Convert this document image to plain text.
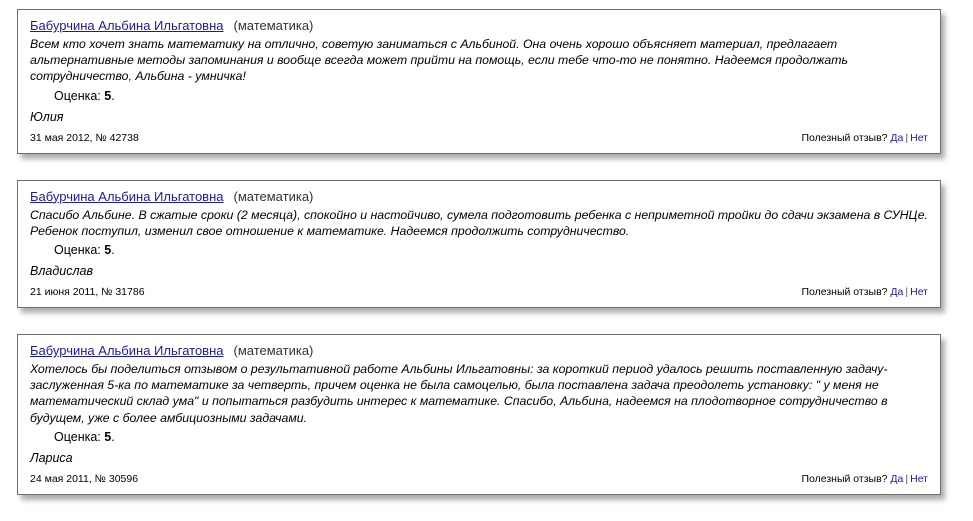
Бабурчина Альбина Ильгатовна (математика)
Всем кто хочет знать математику на отлично, советую заниматься с Альбиной. Она очень хорошо объясняет материал, предлагает альтернативные методы запоминания и вообще всегда может прийти на помощь, если тебе что-то не понятно. Надеемся продолжать сотрудничество, Альбина - умничка!
Оценка: 5.
Юлия
31 мая 2012, № 42738	Полезный отзыв? Да | Нет
Бабурчина Альбина Ильгатовна (математика)
Спасибо Альбине. В сжатые сроки (2 месяца), спокойно и настойчиво, сумела подготовить ребенка с неприметной тройки до сдачи экзамена в СУНЦе. Ребенок поступил, изменил свое отношение к математике. Надеемся продолжить сотрудничество.
Оценка: 5.
Владислав
21 июня 2011, № 31786	Полезный отзыв? Да | Нет
Бабурчина Альбина Ильгатовна (математика)
Хотелось бы поделиться отзывом о результативной работе Альбины Ильгатовны: за короткий период удалось решить поставленную задачу- заслуженная 5-ка по математике за четверть, причем оценка не была самоцелью, была поставлена задача преодолеть установку: " у меня не математический склад ума" и попытаться разбудить интерес к математике. Спасибо, Альбина, надеемся на плодотворное сотрудничество в будущем, уже с более амбициозными задачами.
Оценка: 5.
Лариса
24 мая 2011, № 30596	Полезный отзыв? Да | Нет
